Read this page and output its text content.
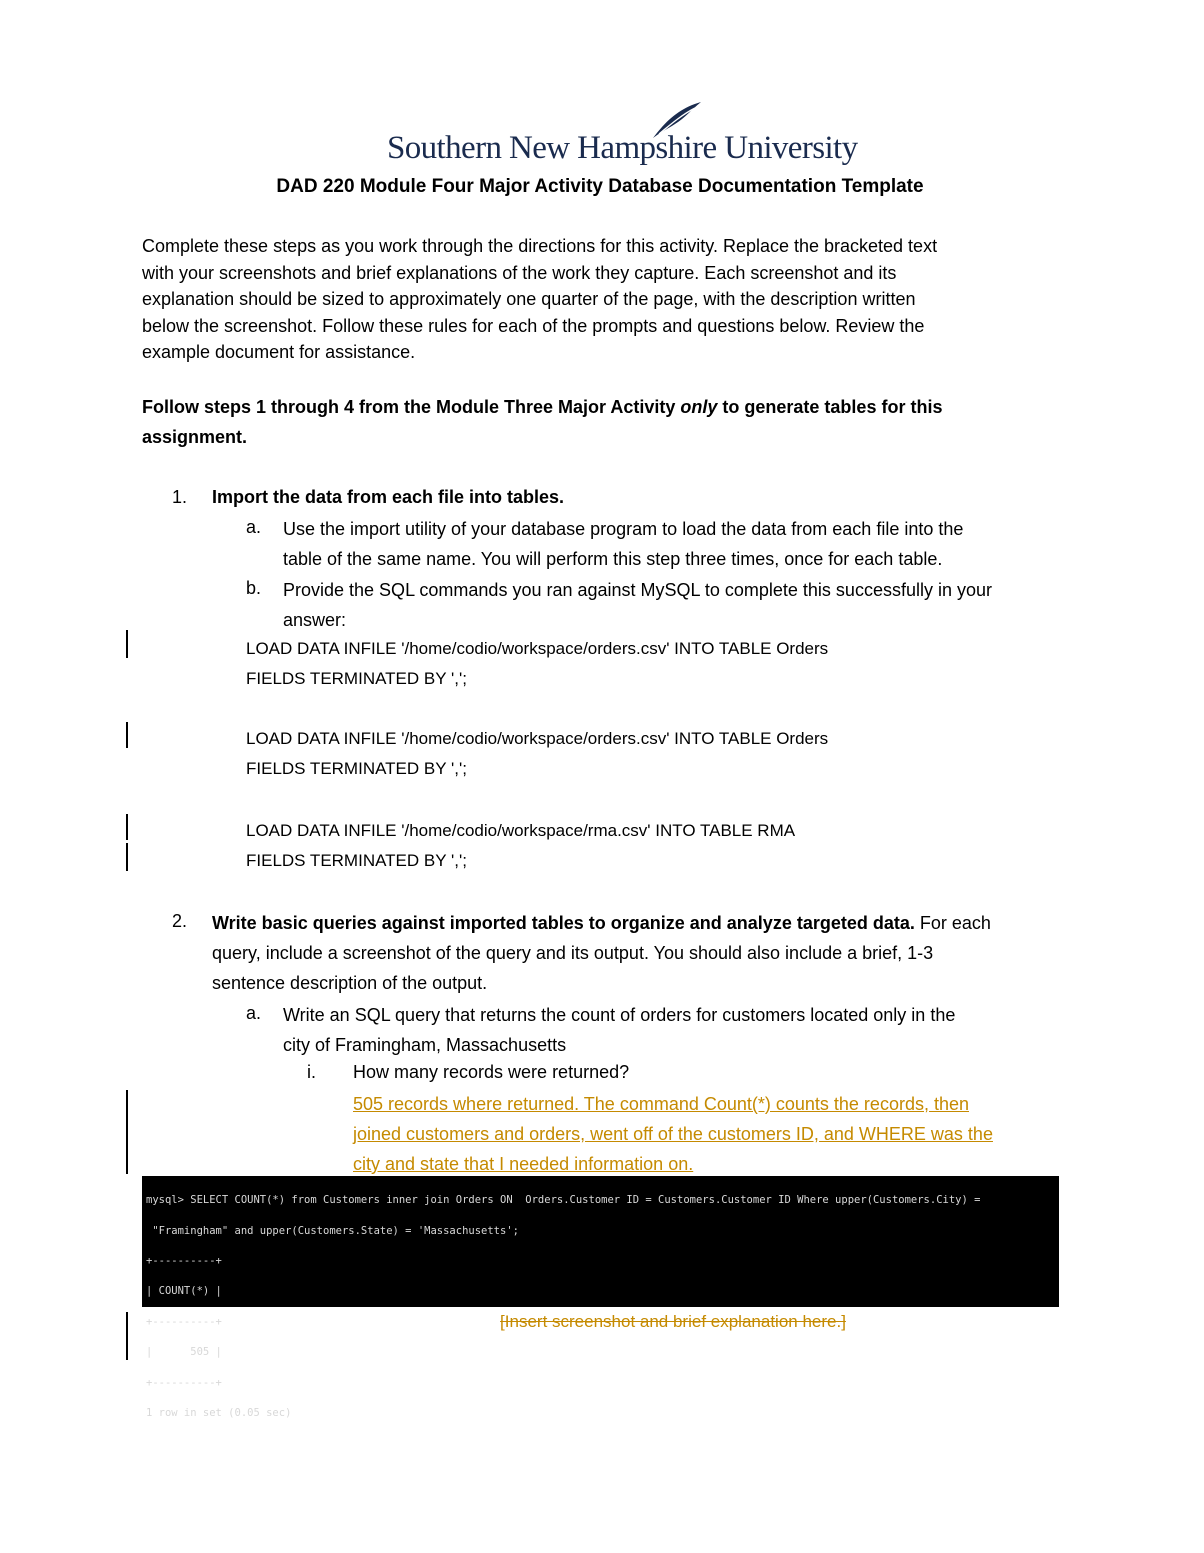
Southern New Hampshire University
DAD 220 Module Four Major Activity Database Documentation Template
Complete these steps as you work through the directions for this activity. Replace the bracketed text
with your screenshots and brief explanations of the work they capture. Each screenshot and its
explanation should be sized to approximately one quarter of the page, with the description written
below the screenshot. Follow these rules for each of the prompts and questions below. Review the
example document for assistance.
Follow steps 1 through 4 from the Module Three Major Activity only to generate tables for this
assignment.
1. Import the data from each file into tables.
a. Use the import utility of your database program to load the data from each file into the
table of the same name. You will perform this step three times, once for each table.
b. Provide the SQL commands you ran against MySQL to complete this successfully in your
answer:
LOAD DATA INFILE '/home/codio/workspace/orders.csv' INTO TABLE Orders
FIELDS TERMINATED BY ',';
LOAD DATA INFILE '/home/codio/workspace/orders.csv' INTO TABLE Orders
FIELDS TERMINATED BY ',';
LOAD DATA INFILE '/home/codio/workspace/rma.csv' INTO TABLE RMA
FIELDS TERMINATED BY ',';
2. Write basic queries against imported tables to organize and analyze targeted data. For each
query, include a screenshot of the query and its output. You should also include a brief, 1-3
sentence description of the output.
a. Write an SQL query that returns the count of orders for customers located only in the
city of Framingham, Massachusetts
i. How many records were returned?
505 records where returned. The command Count(*) counts the records, then
joined customers and orders, went off of the customers ID, and WHERE was the
city and state that I needed information on.

mysql> SELECT COUNT(*) from Customers inner join Orders ON  Orders.Customer ID = Customers.Customer ID Where upper(Customers.City) =

"Framingham" and upper(Customers.State) = 'Massachusetts';

+----------+

| COUNT(*) |

+----------+

|      505 |

+----------+

1 row in set (0.05 sec)

[Insert screenshot and brief explanation here.]
